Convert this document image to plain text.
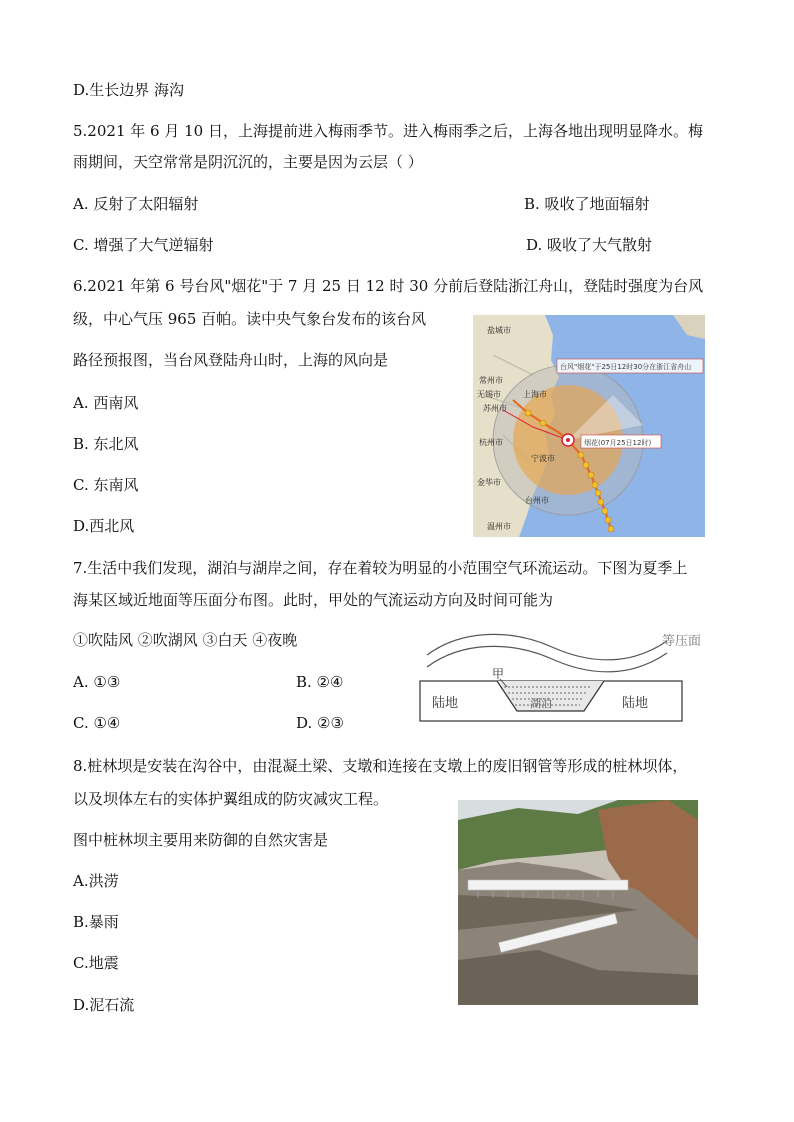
D.生长边界 海沟
5.2021 年 6 月 10 日，上海提前进入梅雨季节。进入梅雨季之后，上海各地出现明显降水。梅
雨期间，天空常常是阴沉沉的，主要是因为云层（ ）
A. 反射了太阳辐射	B. 吸收了地面辐射
C. 增强了大气逆辐射	D. 吸收了大气散射
6.2021 年第 6 号台风"烟花"于 7 月 25 日 12 时 30 分前后登陆浙江舟山，登陆时强度为台风
级，中心气压 965 百帕。读中央气象台发布的该台风
路径预报图，当台风登陆舟山时，上海的风向是
A. 西南风
B. 东北风
C. 东南风
D.西北风
台风"烟花"于25日12时30分在浙江省舟山
烟花(07月25日12时)
盐城市
常州市
无锡市
苏州市
上海市
杭州市
宁波市
台州市
金华市
温州市
7.生活中我们发现，湖泊与湖岸之间，存在着较为明显的小范围空气环流运动。下图为夏季上
①吹陆风 ②吹湖风 ③白天 ④夜晚
A. ①③	B. ②④
C. ①④	D. ②③
等压面
甲
陆地	湖泊	陆地
8.桩林坝是安装在沟谷中，由混凝土梁、支墩和连接在支墩上的废旧钢管等形成的桩林坝体，
以及坝体左右的实体护翼组成的防灾减灾工程。
图中桩林坝主要用来防御的自然灾害是
A.洪涝
B.暴雨
C.地震
D.泥石流
海某区域近地面等压面分布图。此时，甲处的气流运动方向及时间可能为
